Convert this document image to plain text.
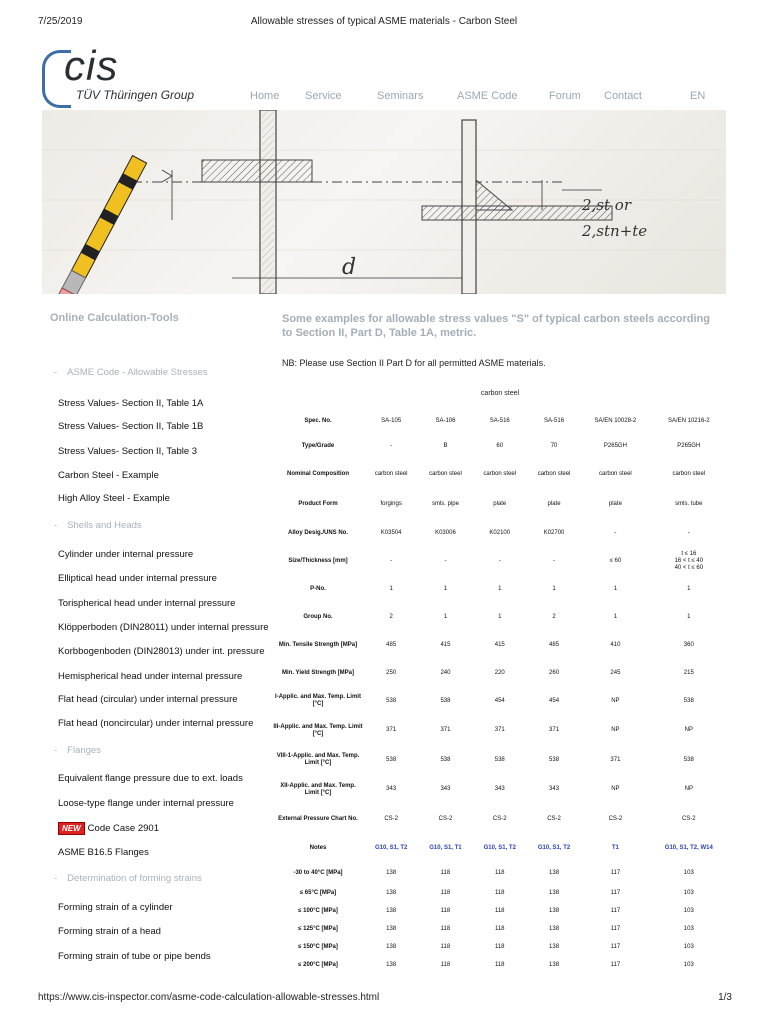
7/25/2019	Allowable stresses of typical ASME materials - Carbon Steel
cis
TÜV Thüringen Group	Home Service	Seminars	ASME Code	Forum Contact	EN
d
2,st or
2,stn+te
Online Calculation-Tools
- ASME Code - Allowable Stresses
Stress Values- Section II, Table 1A
Stress Values- Section II, Table 1B
Stress Values- Section II, Table 3
Carbon Steel - Example
High Alloy Steel - Example
- Shells and Heads
Cylinder under internal pressure
Elliptical head under internal pressure
Torispherical head under internal pressure
Klöpperboden (DIN28011) under internal pressure
Korbbogenboden (DIN28013) under int. pressure
Hemispherical head under internal pressure
Flat head (circular) under internal pressure
Flat head (noncircular) under internal pressure
- Flanges
Equivalent flange pressure due to ext. loads
Loose-type flange under internal pressure
NEW Code Case 2901
ASME B16.5 Flanges
- Determination of forming strains
Forming strain of a cylinder
Forming strain of a head
Forming strain of tube or pipe bends
Some examples for allowable stress values "S" of typical carbon steels according to Section II, Part D, Table 1A, metric.
NB: Please use Section II Part D for all permitted ASME materials.
carbon steel
Spec. No.	SA-105	SA-106	SA-516	SA-516	SA/EN 10028-2	SA/EN 10216-2
Type/Grade	-	B	60	70	P265GH	P265GH
Nominal Composition	carbon steel	carbon steel	carbon steel	carbon steel	carbon steel	carbon steel
Product Form	forgings	smls. pipe	plate	plate	plate	smls. tube
Alloy Desig./UNS No.	K03504	K03006	K02100	K02700	-	-
Size/Thickness [mm]	-	-	-	-	≤ 60	t ≤ 16
16 < t ≤ 40
40 < t ≤ 60
P-No.	1	1	1	1	1	1
Group No.	2	1	1	2	1	1
Min. Tensile Strength [MPa]	485	415	415	485	410	360
Min. Yield Strength [MPa]	250	240	220	260	245	215
I-Applic. and Max. Temp. Limit [°C]	538	538	454	454	NP	538
III-Applic. and Max. Temp. Limit [°C]	371	371	371	371	NP	NP
VIII-1-Applic. and Max. Temp. Limit [°C]	538	538	538	538	371	538
XII-Applic. and Max. Temp. Limit [°C]	343	343	343	343	NP	NP
External Pressure Chart No.	CS-2	CS-2	CS-2	CS-2	CS-2	CS-2
Notes	G10, S1, T2	G10, S1, T1	G10, S1, T2	G10, S1, T2	T1	G10, S1, T2, W14
-30 to 40°C [MPa]	138	118	118	138	117	103
≤ 65°C [MPa]	138	118	118	138	117	103
≤ 100°C [MPa]	138	118	118	138	117	103
≤ 125°C [MPa]	138	118	118	138	117	103
≤ 150°C [MPa]	138	118	118	138	117	103
≤ 200°C [MPa]	138	118	118	138	117	103
https://www.cis-inspector.com/asme-code-calculation-allowable-stresses.html	1/3
